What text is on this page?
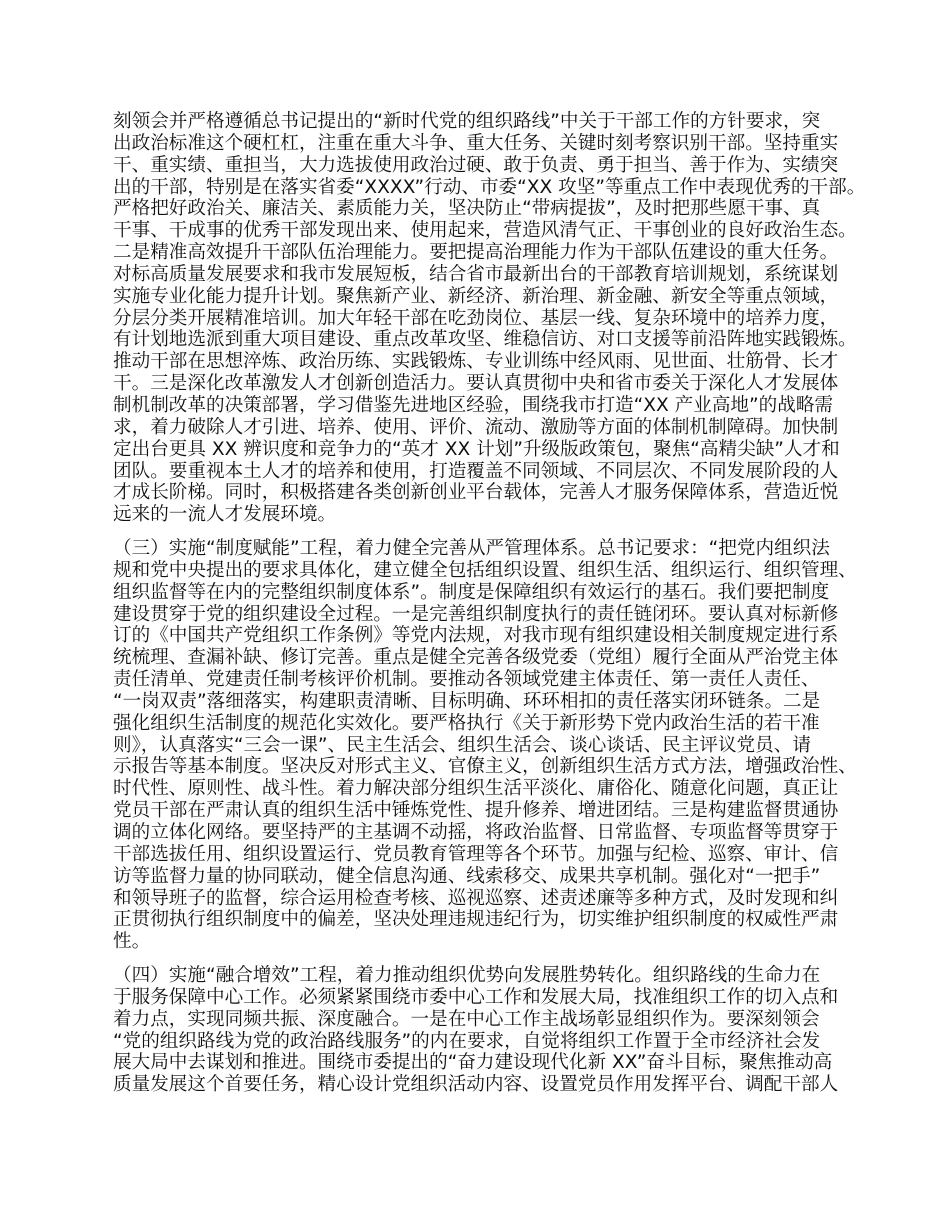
刻领会并严格遵循总书记提出的“新时代党的组织路线”中关于干部工作的方针要求，突
出政治标准这个硬杠杠，注重在重大斗争、重大任务、关键时刻考察识别干部。坚持重实
干、重实绩、重担当，大力选拔使用政治过硬、敢于负责、勇于担当、善于作为、实绩突
出的干部，特别是在落实省委“XXXX”行动、市委“XX 攻坚”等重点工作中表现优秀的干部。
严格把好政治关、廉洁关、素质能力关，坚决防止“带病提拔”，及时把那些愿干事、真
干事、干成事的优秀干部发现出来、使用起来，营造风清气正、干事创业的良好政治生态。
二是精准高效提升干部队伍治理能力。要把提高治理能力作为干部队伍建设的重大任务。
对标高质量发展要求和我市发展短板，结合省市最新出台的干部教育培训规划，系统谋划
实施专业化能力提升计划。聚焦新产业、新经济、新治理、新金融、新安全等重点领域，
分层分类开展精准培训。加大年轻干部在吃劲岗位、基层一线、复杂环境中的培养力度，
有计划地选派到重大项目建设、重点改革攻坚、维稳信访、对口支援等前沿阵地实践锻炼。
推动干部在思想淬炼、政治历练、实践锻炼、专业训练中经风雨、见世面、壮筋骨、长才
干。三是深化改革激发人才创新创造活力。要认真贯彻中央和省市委关于深化人才发展体
制机制改革的决策部署，学习借鉴先进地区经验，围绕我市打造“XX 产业高地”的战略需
求，着力破除人才引进、培养、使用、评价、流动、激励等方面的体制机制障碍。加快制
定出台更具 XX 辨识度和竞争力的“英才 XX 计划”升级版政策包，聚焦“高精尖缺”人才和
团队。要重视本土人才的培养和使用，打造覆盖不同领域、不同层次、不同发展阶段的人
才成长阶梯。同时，积极搭建各类创新创业平台载体，完善人才服务保障体系，营造近悦
远来的一流人才发展环境。
（三）实施“制度赋能”工程，着力健全完善从严管理体系。总书记要求：“把党内组织法
规和党中央提出的要求具体化，建立健全包括组织设置、组织生活、组织运行、组织管理、
组织监督等在内的完整组织制度体系”。制度是保障组织有效运行的基石。我们要把制度
建设贯穿于党的组织建设全过程。一是完善组织制度执行的责任链闭环。要认真对标新修
订的《中国共产党组织工作条例》等党内法规，对我市现有组织建设相关制度规定进行系
统梳理、查漏补缺、修订完善。重点是健全完善各级党委（党组）履行全面从严治党主体
责任清单、党建责任制考核评价机制。要推动各领域党建主体责任、第一责任人责任、
“一岗双责”落细落实，构建职责清晰、目标明确、环环相扣的责任落实闭环链条。二是
强化组织生活制度的规范化实效化。要严格执行《关于新形势下党内政治生活的若干准
则》，认真落实“三会一课”、民主生活会、组织生活会、谈心谈话、民主评议党员、请
示报告等基本制度。坚决反对形式主义、官僚主义，创新组织生活方式方法，增强政治性、
时代性、原则性、战斗性。着力解决部分组织生活平淡化、庸俗化、随意化问题，真正让
党员干部在严肃认真的组织生活中锤炼党性、提升修养、增进团结。三是构建监督贯通协
调的立体化网络。要坚持严的主基调不动摇，将政治监督、日常监督、专项监督等贯穿于
干部选拔任用、组织设置运行、党员教育管理等各个环节。加强与纪检、巡察、审计、信
访等监督力量的协同联动，健全信息沟通、线索移交、成果共享机制。强化对“一把手”
和领导班子的监督，综合运用检查考核、巡视巡察、述责述廉等多种方式，及时发现和纠
正贯彻执行组织制度中的偏差，坚决处理违规违纪行为，切实维护组织制度的权威性严肃
性。
（四）实施“融合增效”工程，着力推动组织优势向发展胜势转化。组织路线的生命力在
于服务保障中心工作。必须紧紧围绕市委中心工作和发展大局，找准组织工作的切入点和
着力点，实现同频共振、深度融合。一是在中心工作主战场彰显组织作为。要深刻领会
“党的组织路线为党的政治路线服务”的内在要求，自觉将组织工作置于全市经济社会发
展大局中去谋划和推进。围绕市委提出的“奋力建设现代化新 XX”奋斗目标，聚焦推动高
质量发展这个首要任务，精心设计党组织活动内容、设置党员作用发挥平台、调配干部人
